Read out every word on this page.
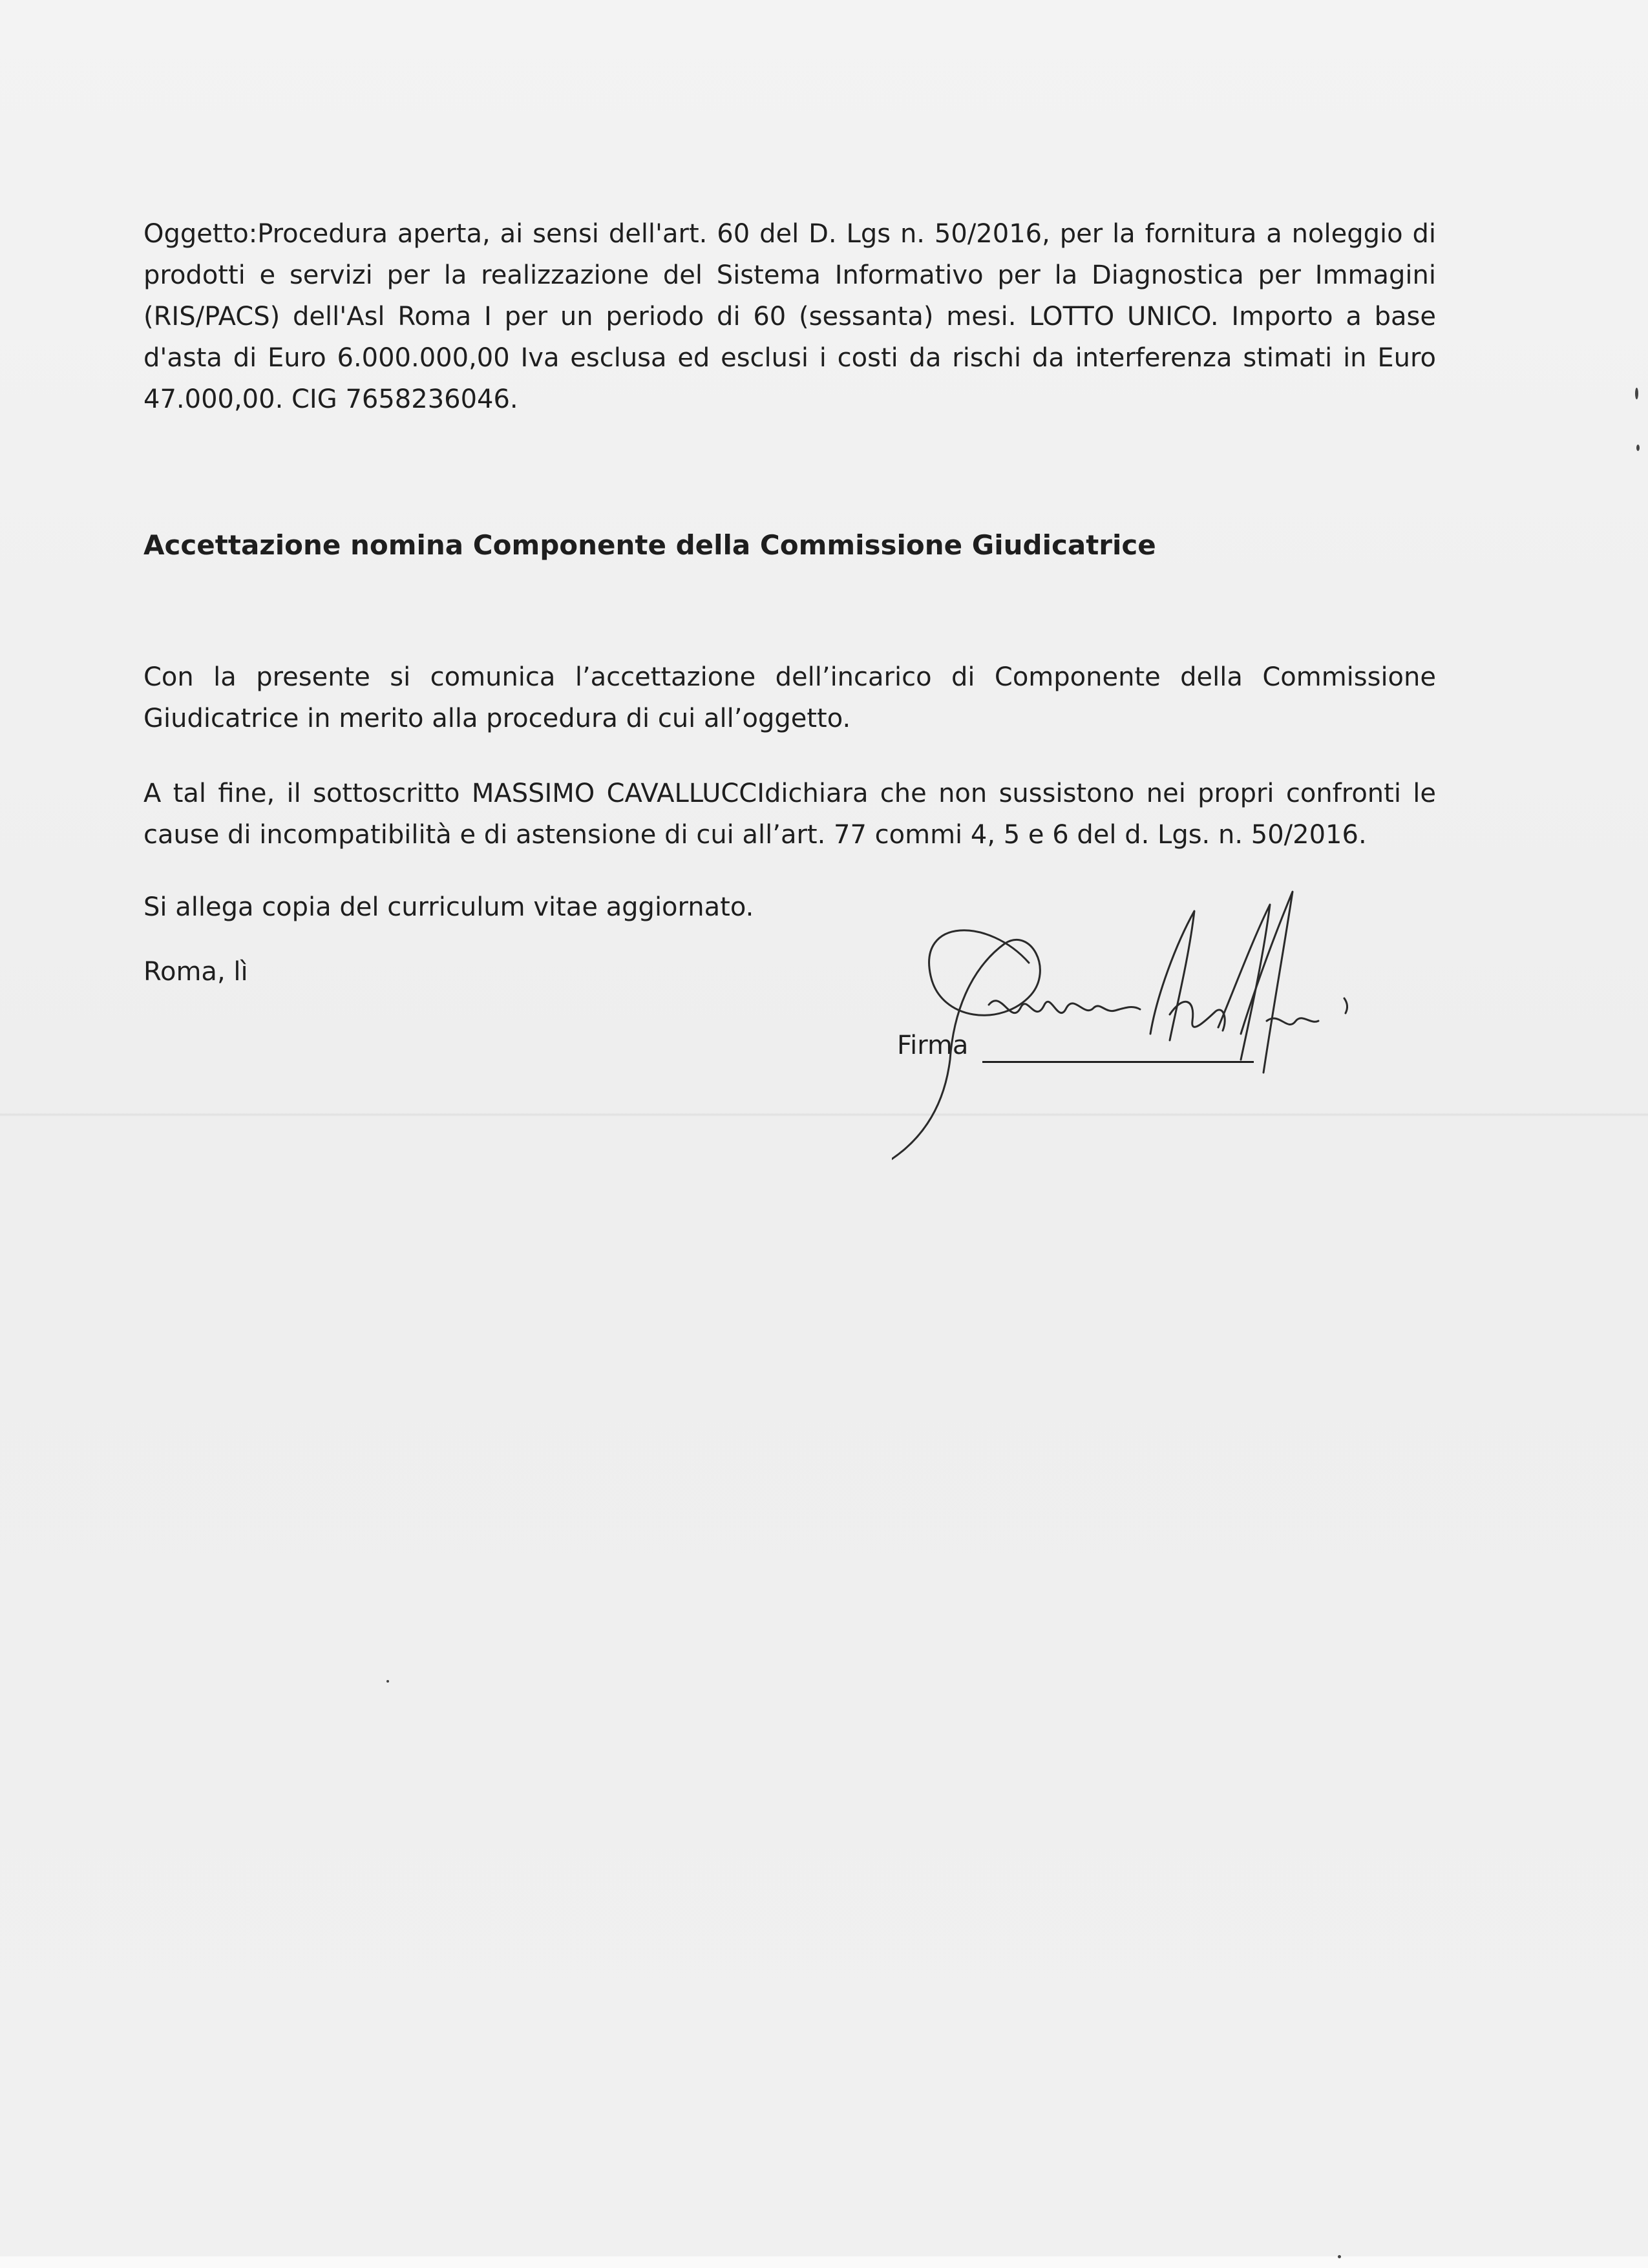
Oggetto:Procedura aperta, ai sensi dell'art. 60 del D. Lgs n. 50/2016, per la fornitura a noleggio di prodotti e servizi per la realizzazione del Sistema Informativo per la Diagnostica per Immagini (RIS/PACS) dell'Asl Roma I per un periodo di 60 (sessanta) mesi. LOTTO UNICO. Importo a base d'asta di Euro 6.000.000,00 Iva esclusa ed esclusi i costi da rischi da interferenza stimati in Euro 47.000,00. CIG 7658236046.
Accettazione nomina Componente della Commissione Giudicatrice
Con la presente si comunica l’accettazione dell’incarico di Componente della Commissione Giudicatrice in merito alla procedura di cui all’oggetto.
A tal fine, il sottoscritto MASSIMO CAVALLUCCIdichiara che non sussistono nei propri confronti le cause di incompatibilità e di astensione di cui all’art. 77 commi 4, 5 e 6 del d. Lgs. n. 50/2016.
Si allega copia del curriculum vitae aggiornato.
Roma, lì
Firma
